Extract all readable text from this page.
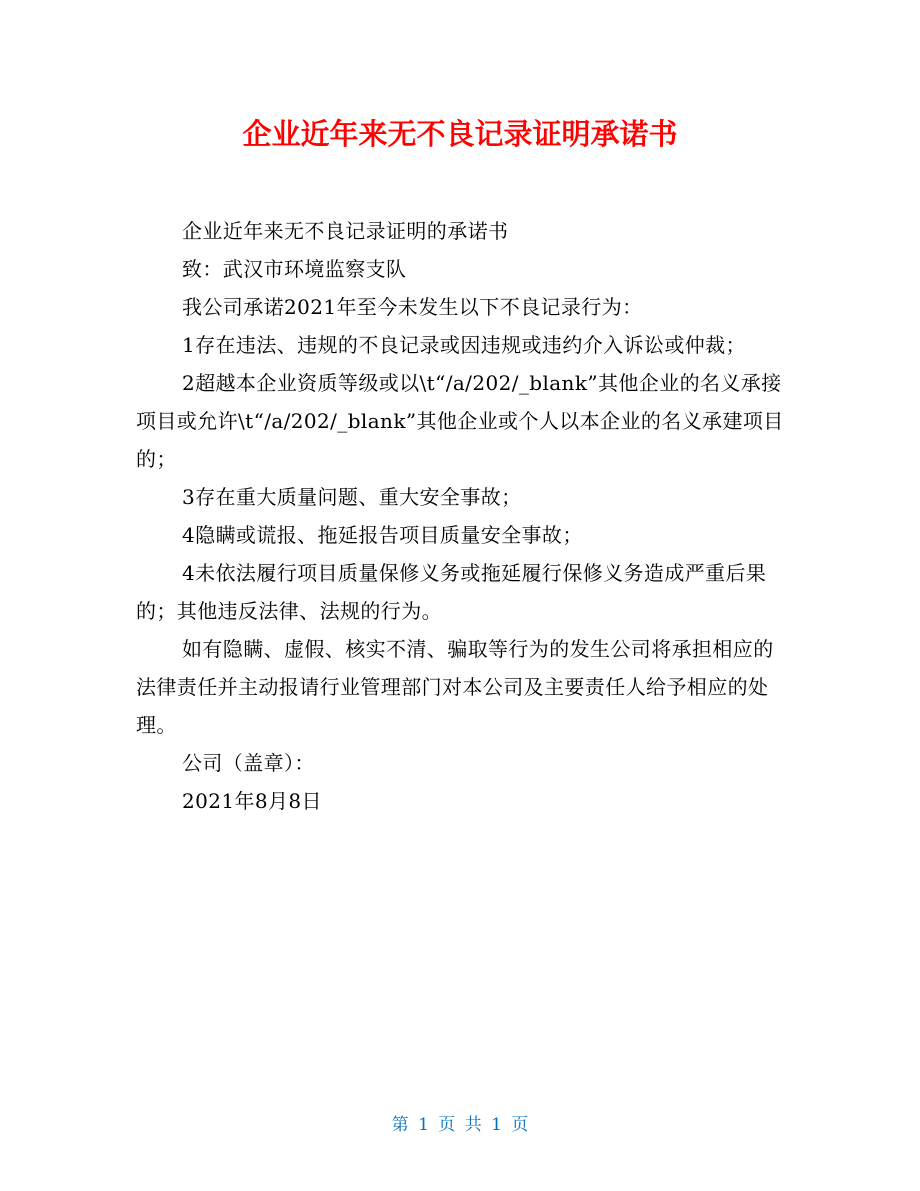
企业近年来无不良记录证明承诺书

企业近年来无不良记录证明的承诺书

致：武汉市环境监察支队

我公司承诺2021年至今未发生以下不良记录行为：

1存在违法、违规的不良记录或因违规或违约介入诉讼或仲裁；

2超越本企业资质等级或以\t“/a/202/_blank”其他企业的名义承接项目或允许\t“/a/202/_blank”其他企业或个人以本企业的名义承建项目的；

3存在重大质量问题、重大安全事故；

4隐瞒或谎报、拖延报告项目质量安全事故；

4未依法履行项目质量保修义务或拖延履行保修义务造成严重后果的；其他违反法律、法规的行为。

如有隐瞒、虚假、核实不清、骗取等行为的发生公司将承担相应的法律责任并主动报请行业管理部门对本公司及主要责任人给予相应的处理。

公司（盖章）：

2021年8月8日

第 1 页 共 1 页
